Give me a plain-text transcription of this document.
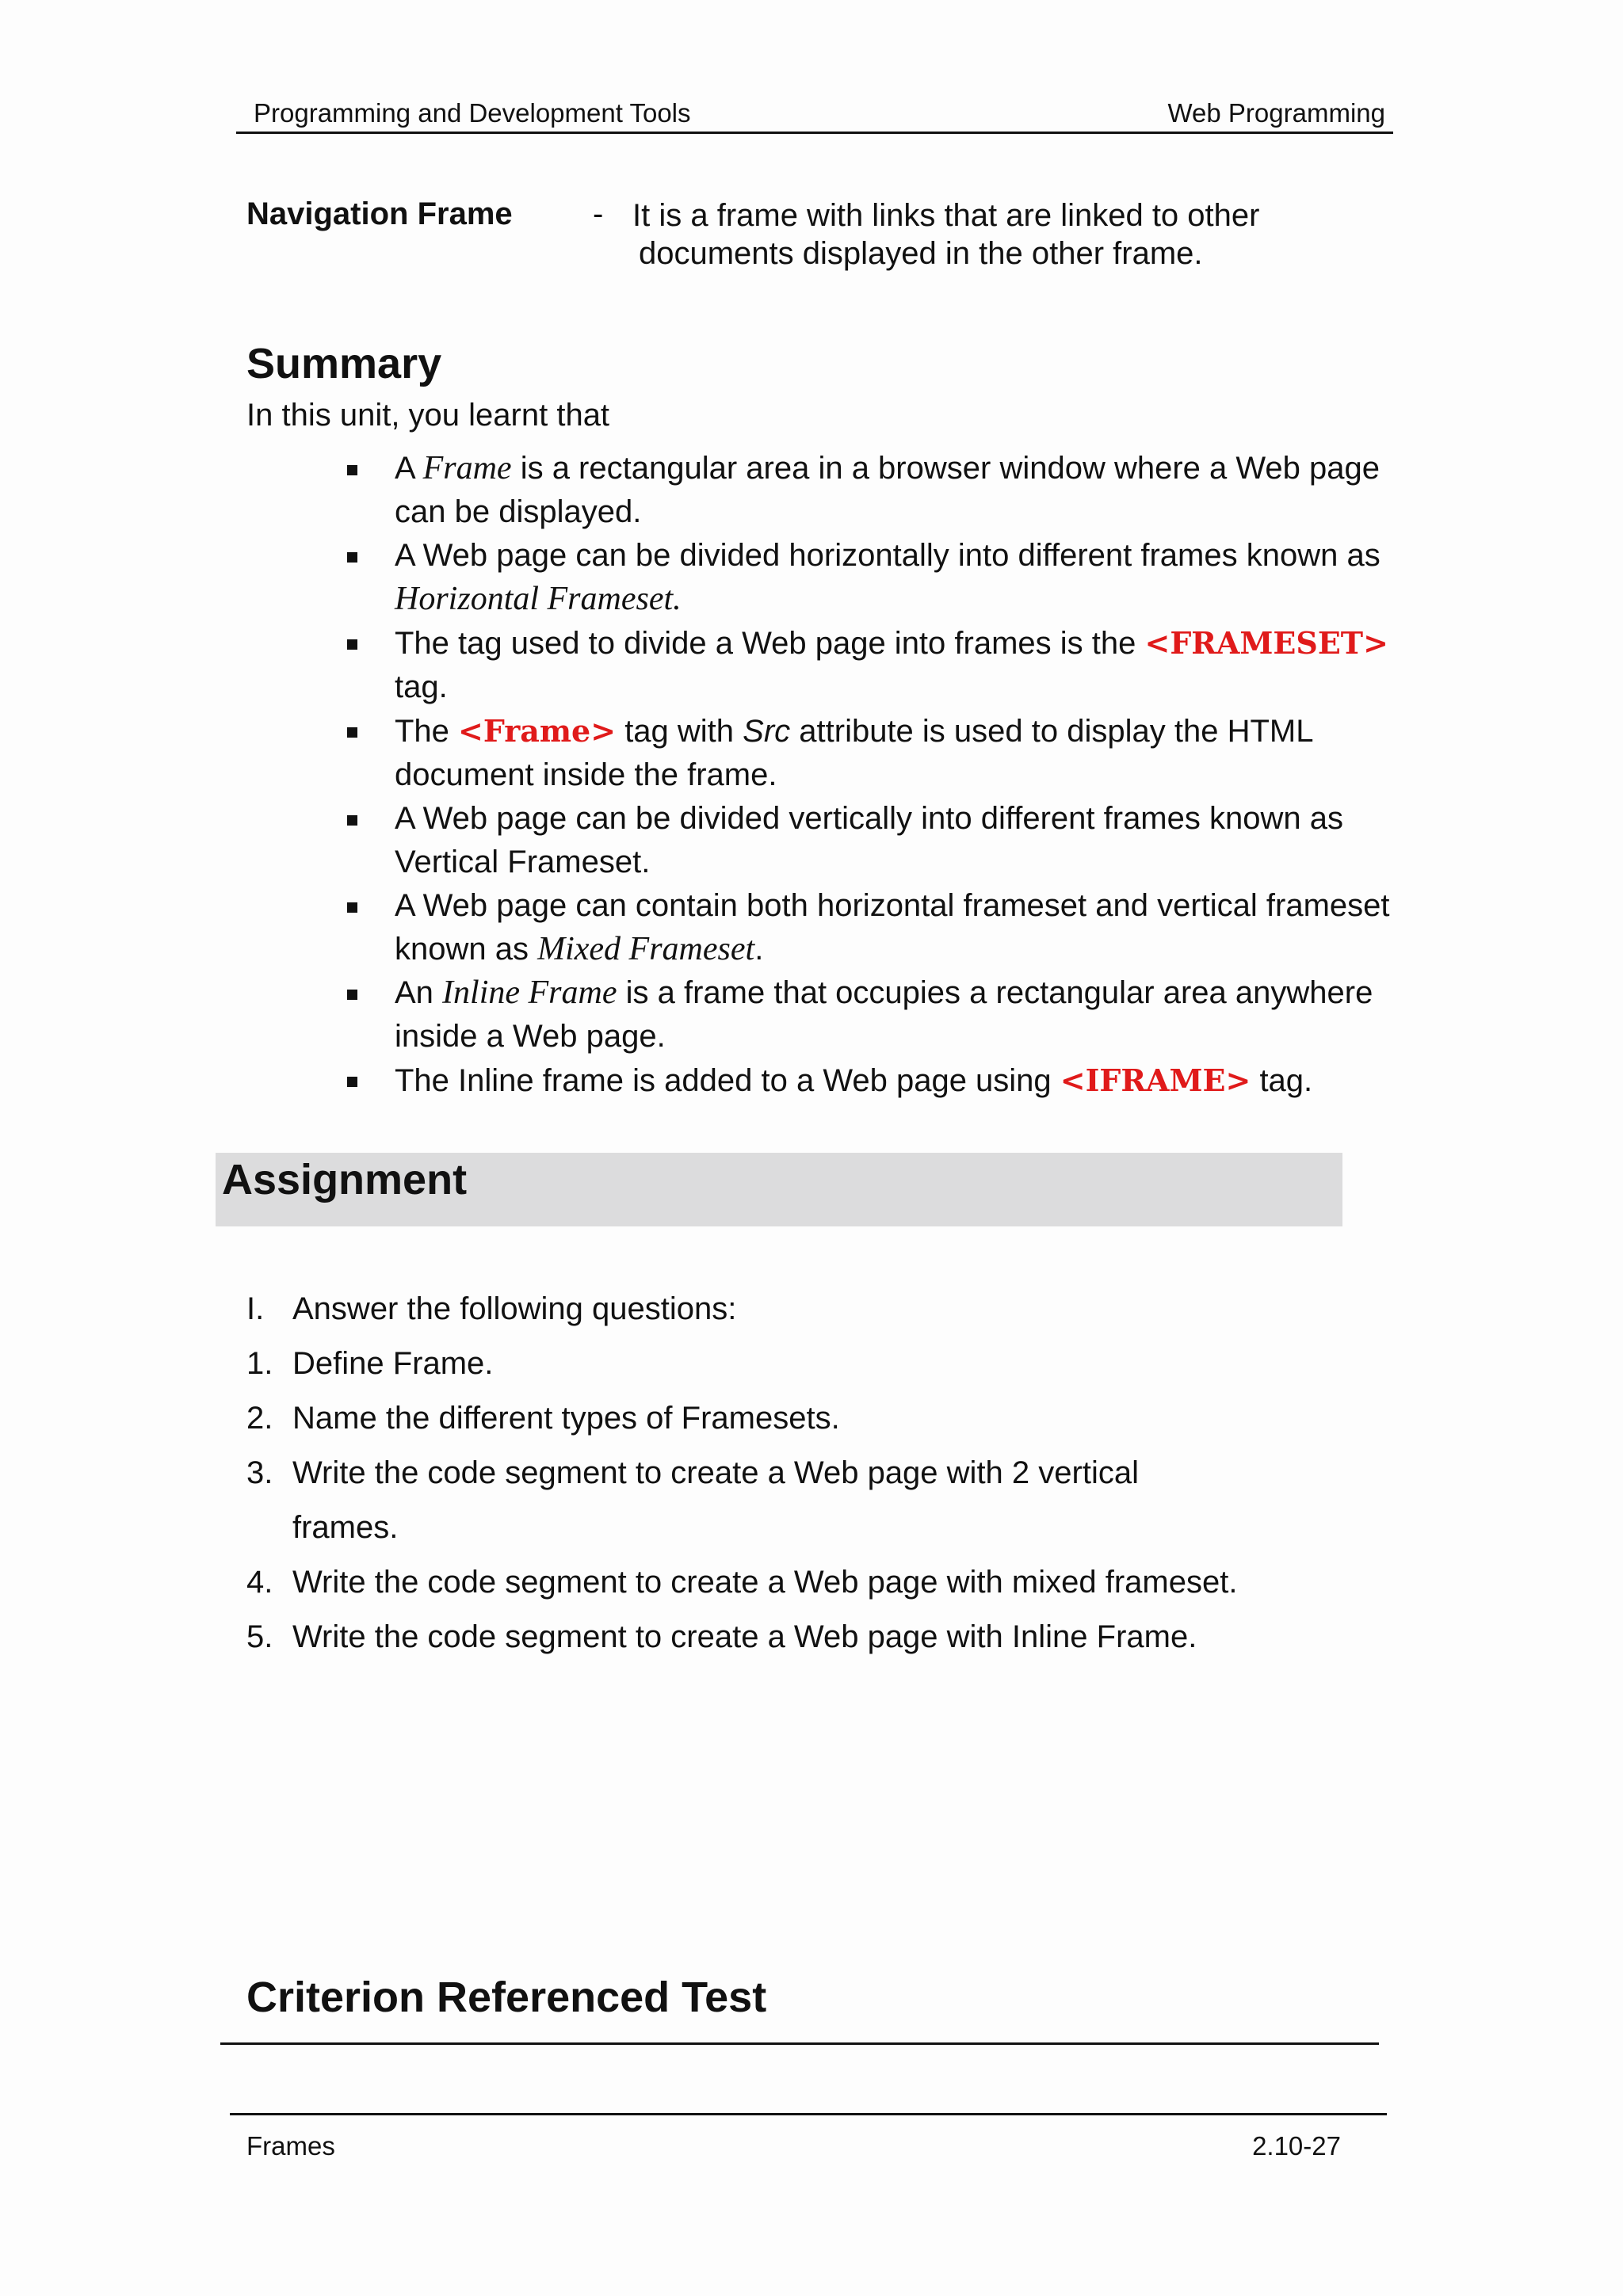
Programming and Development Tools	Web Programming
Navigation Frame	- It is a frame with links that are linked to other
documents displayed in the other frame.
Summary
In this unit, you learnt that
A Frame is a rectangular area in a browser window where a Web page can be displayed.
A Web page can be divided horizontally into different frames known as Horizontal Frameset.
The tag used to divide a Web page into frames is the <FRAMESET> tag.
The <Frame> tag with Src attribute is used to display the HTML document inside the frame.
A Web page can be divided vertically into different frames known as Vertical Frameset.
A Web page can contain both horizontal frameset and vertical frameset known as Mixed Frameset.
An Inline Frame is a frame that occupies a rectangular area anywhere inside a Web page.
The Inline frame is added to a Web page using <IFRAME> tag.
Assignment
I. Answer the following questions:
1. Define Frame.
2. Name the different types of Framesets.
3. Write the code segment to create a Web page with 2 vertical frames.
4. Write the code segment to create a Web page with mixed frameset.
5. Write the code segment to create a Web page with Inline Frame.
Criterion Referenced Test
Frames	2.10-27
